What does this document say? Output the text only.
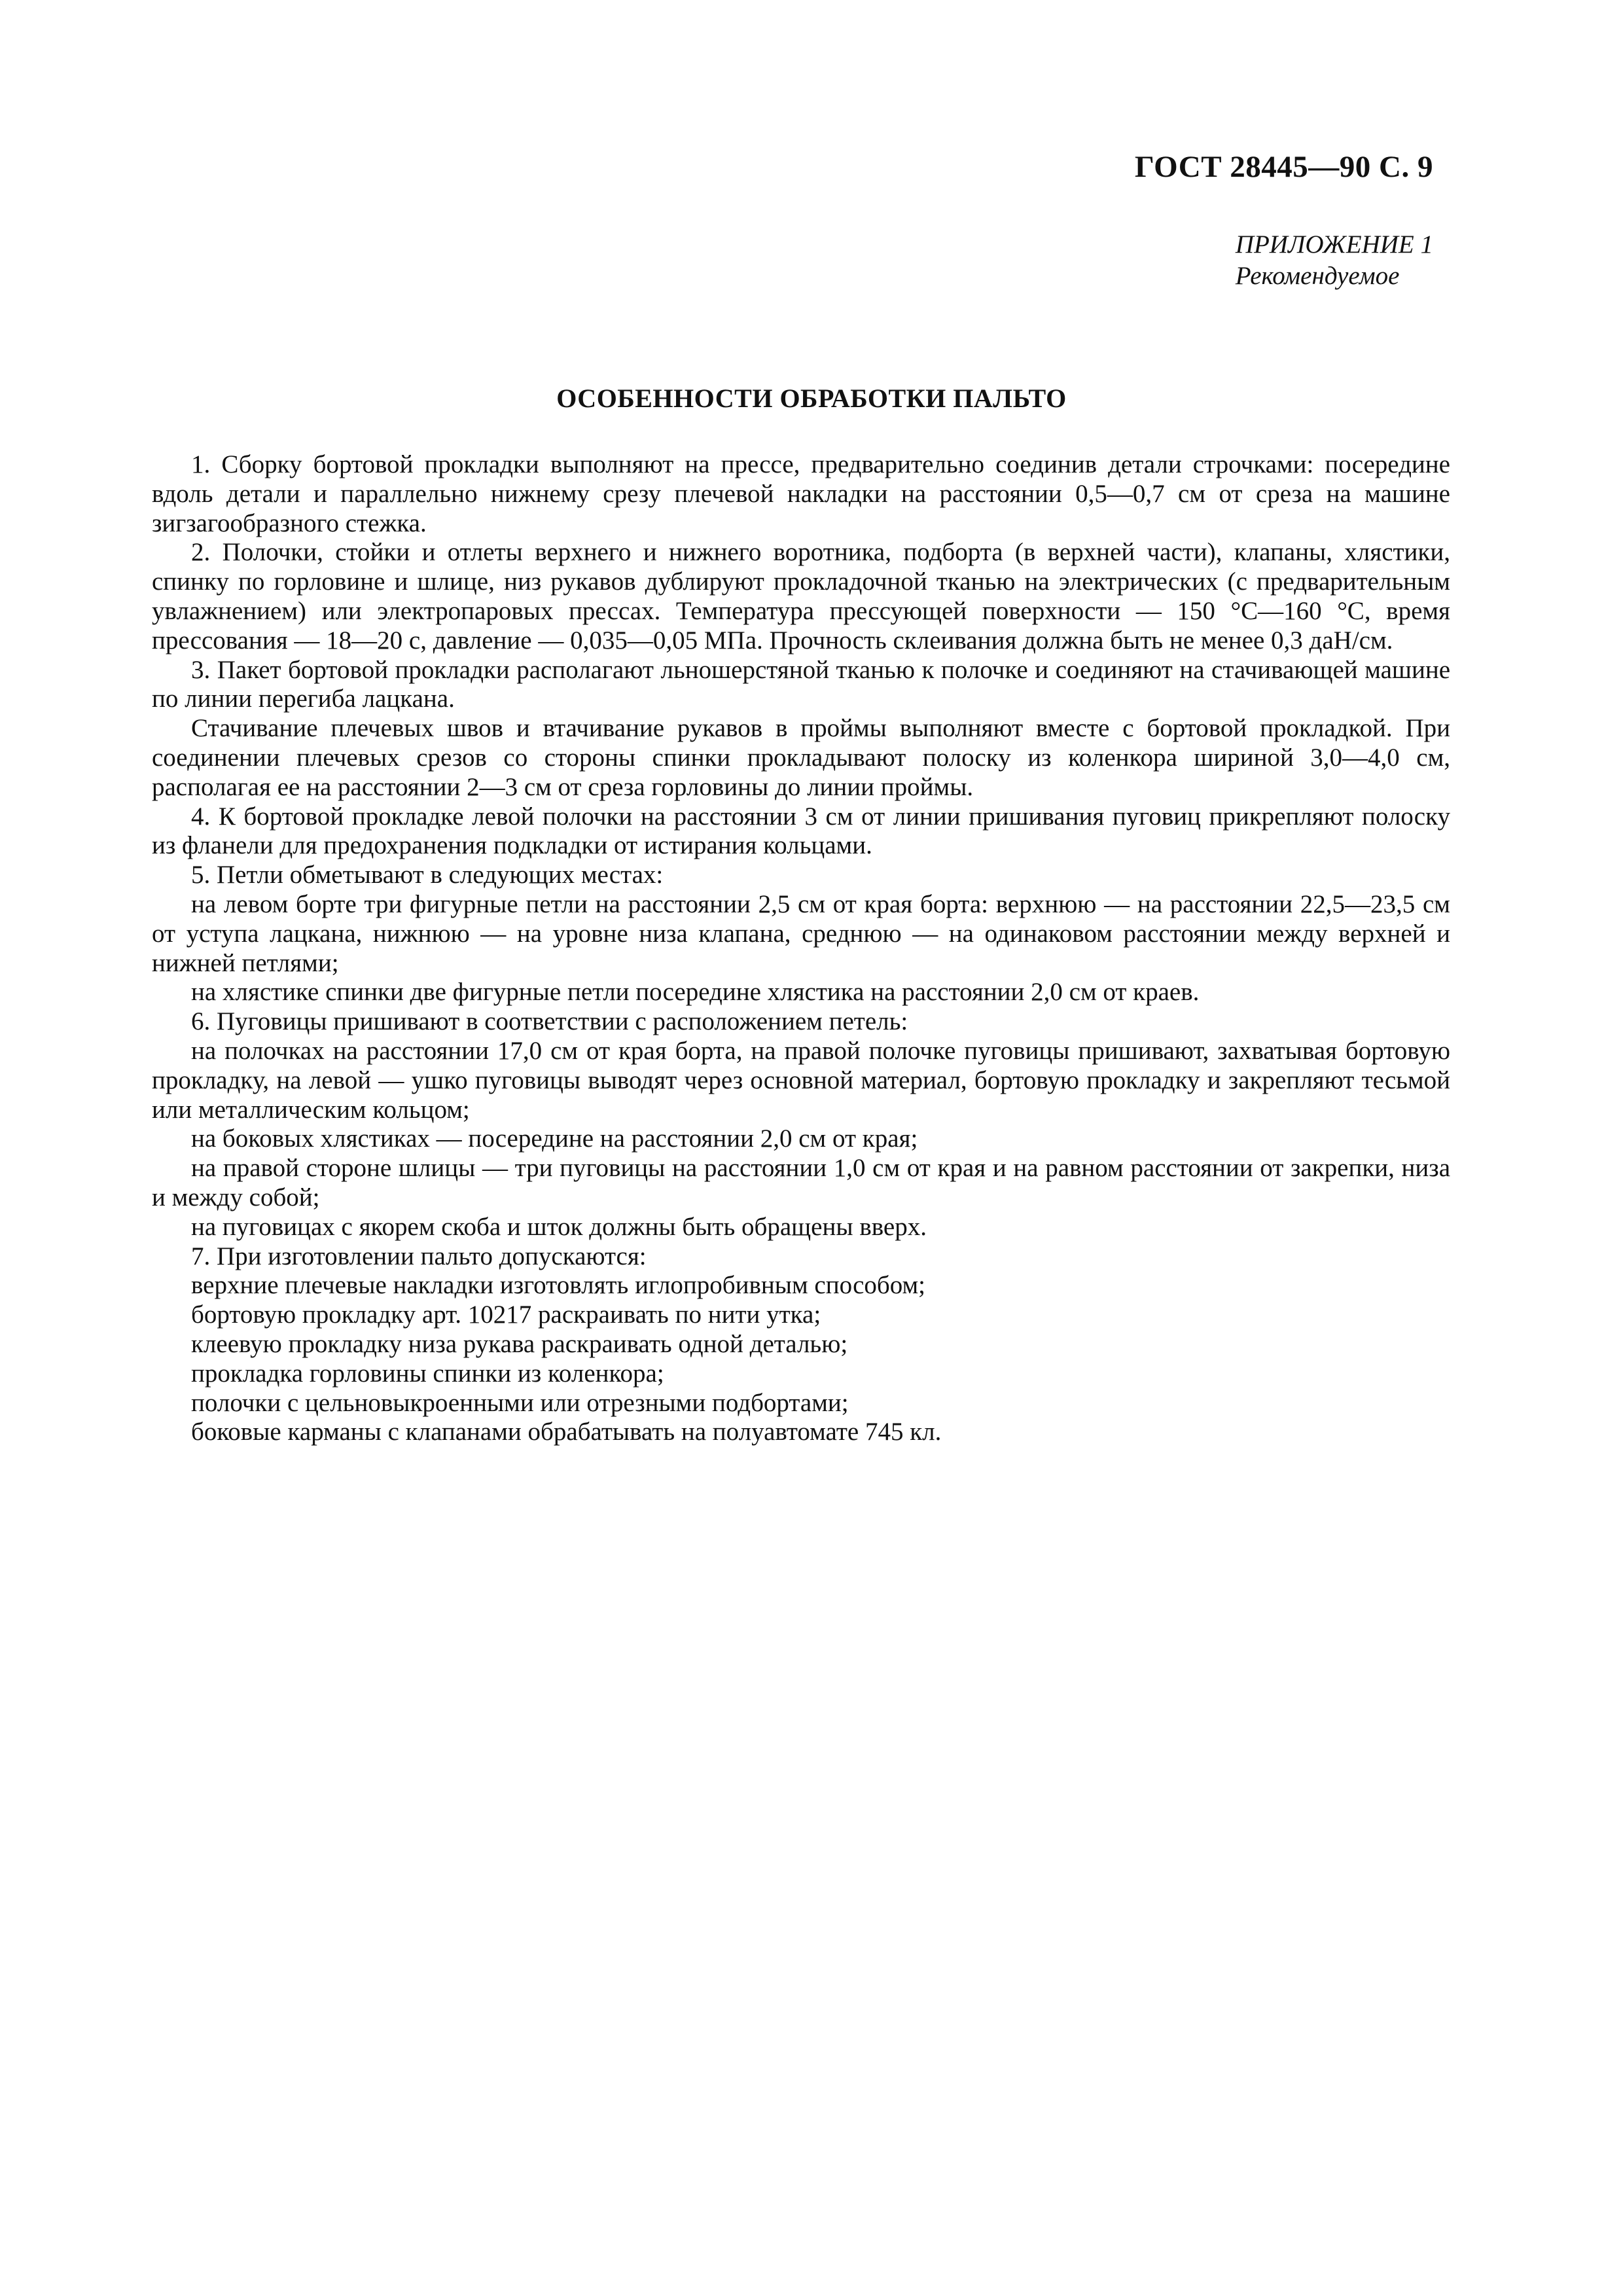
ГОСТ 28445—90 С. 9
ПРИЛОЖЕНИЕ 1
Рекомендуемое
ОСОБЕННОСТИ ОБРАБОТКИ ПАЛЬТО

1. Сборку бортовой прокладки выполняют на прессе, предварительно соединив детали строчками: посередине вдоль детали и параллельно нижнему срезу плечевой накладки на расстоянии 0,5—0,7 см от среза на машине зигзагообразного стежка.

2. Полочки, стойки и отлеты верхнего и нижнего воротника, подборта (в верхней части), клапаны, хлястики, спинку по горловине и шлице, низ рукавов дублируют прокладочной тканью на электрических (с предварительным увлажнением) или электропаровых прессах. Температура прессующей поверхности — 150 °С—160 °С, время прессования — 18—20 с, давление — 0,035—0,05 МПа. Прочность склеивания должна быть не менее 0,3 даН/см.

3. Пакет бортовой прокладки располагают льношерстяной тканью к полочке и соединяют на стачивающей машине по линии перегиба лацкана.

Стачивание плечевых швов и втачивание рукавов в проймы выполняют вместе с бортовой прокладкой. При соединении плечевых срезов со стороны спинки прокладывают полоску из коленкора шириной 3,0—4,0 см, располагая ее на расстоянии 2—3 см от среза горловины до линии проймы.

4. К бортовой прокладке левой полочки на расстоянии 3 см от линии пришивания пуговиц прикрепляют полоску из фланели для предохранения подкладки от истирания кольцами.

5. Петли обметывают в следующих местах:

на левом борте три фигурные петли на расстоянии 2,5 см от края борта: верхнюю — на расстоянии 22,5—23,5 см от уступа лацкана, нижнюю — на уровне низа клапана, среднюю — на одинаковом расстоянии между верхней и нижней петлями;

на хлястике спинки две фигурные петли посередине хлястика на расстоянии 2,0 см от краев.

6. Пуговицы пришивают в соответствии с расположением петель:

на полочках на расстоянии 17,0 см от края борта, на правой полочке пуговицы пришивают, захватывая бортовую прокладку, на левой — ушко пуговицы выводят через основной материал, бортовую прокладку и закрепляют тесьмой или металлическим кольцом;

на боковых хлястиках — посередине на расстоянии 2,0 см от края;

на правой стороне шлицы — три пуговицы на расстоянии 1,0 см от края и на равном расстоянии от закрепки, низа и между собой;

на пуговицах с якорем скоба и шток должны быть обращены вверх.

7. При изготовлении пальто допускаются:

верхние плечевые накладки изготовлять иглопробивным способом;

бортовую прокладку арт. 10217 раскраивать по нити утка;

клеевую прокладку низа рукава раскраивать одной деталью;

прокладка горловины спинки из коленкора;

полочки с цельновыкроенными или отрезными подбортами;

боковые карманы с клапанами обрабатывать на полуавтомате 745 кл.
